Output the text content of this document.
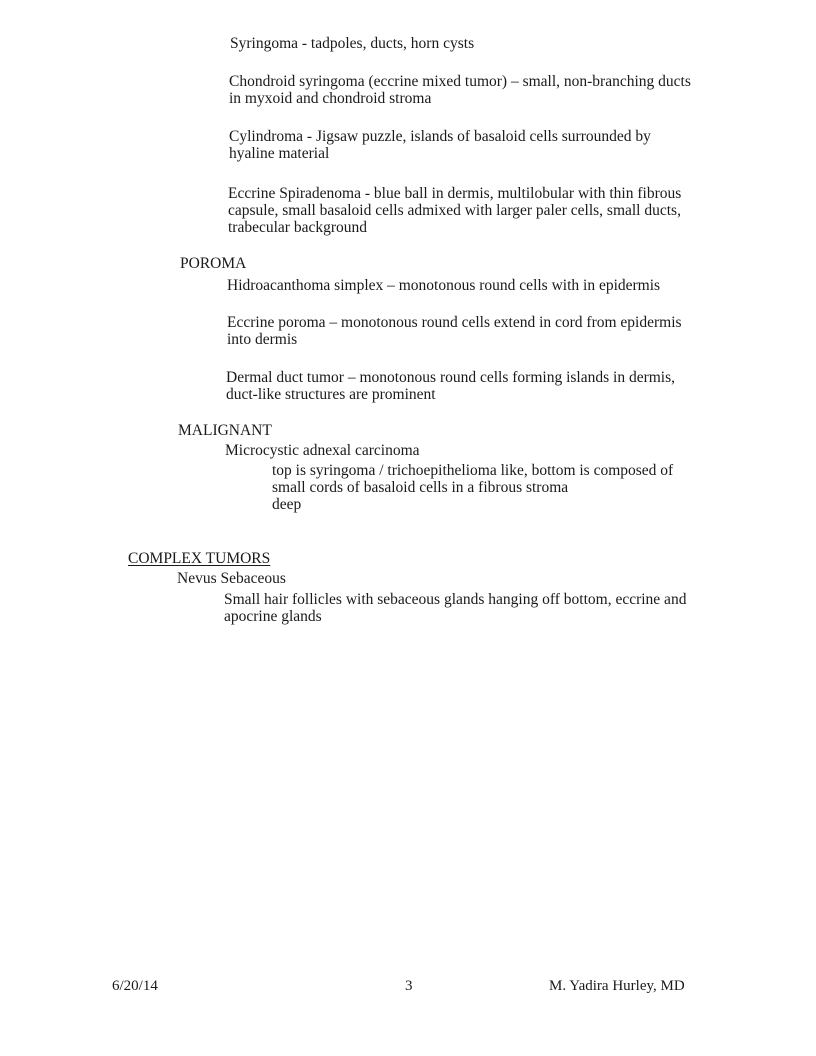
Syringoma - tadpoles, ducts, horn cysts

Chondroid syringoma (eccrine mixed tumor) – small, non-branching ducts
in myxoid and chondroid stroma

Cylindroma - Jigsaw puzzle, islands of basaloid cells surrounded by
hyaline material

Eccrine Spiradenoma - blue ball in dermis, multilobular with thin fibrous
capsule, small basaloid cells admixed with larger paler cells, small ducts,
trabecular background

POROMA

Hidroacanthoma simplex – monotonous round cells with in epidermis

Eccrine poroma – monotonous round cells extend in cord from epidermis
into dermis

Dermal duct tumor – monotonous round cells forming islands in dermis,
duct-like structures are prominent

MALIGNANT

Microcystic adnexal carcinoma

top is syringoma / trichoepithelioma like, bottom is composed of
small cords of basaloid cells in a fibrous stroma
deep

COMPLEX TUMORS

Nevus Sebaceous

Small hair follicles with sebaceous glands hanging off bottom, eccrine and
apocrine glands

6/20/14	3	M. Yadira Hurley, MD
